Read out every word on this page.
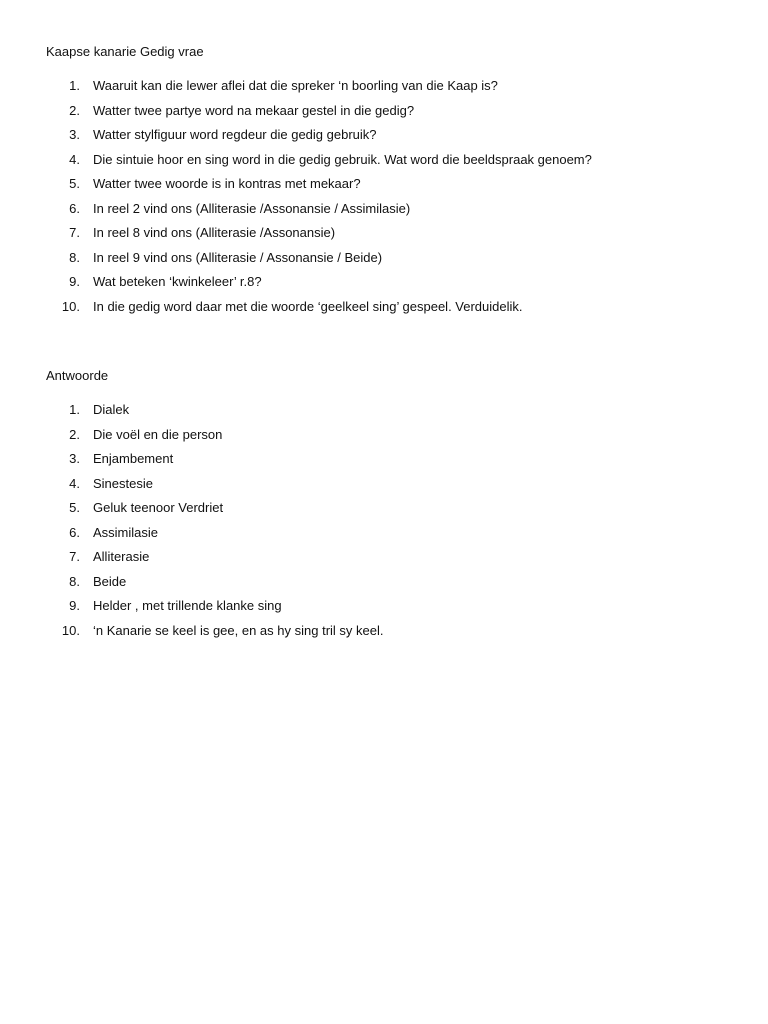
Kaapse kanarie Gedig vrae
1. Waaruit kan die lewer aflei dat die spreker ‘n boorling van die Kaap is?
2. Watter twee partye word na mekaar gestel in die gedig?
3. Watter stylfiguur word regdeur die gedig gebruik?
4. Die sintuie hoor en sing word in die gedig gebruik. Wat word die beeldspraak genoem?
5. Watter twee woorde is in kontras met mekaar?
6. In reel 2 vind ons (Alliterasie /Assonansie / Assimilasie)
7. In reel 8 vind ons (Alliterasie /Assonansie)
8. In reel 9 vind ons (Alliterasie / Assonansie / Beide)
9. Wat beteken ‘kwinkeleer’ r.8?
10. In die gedig word daar met die woorde ‘geelkeel sing’ gespeel. Verduidelik.
Antwoorde
1. Dialek
2. Die voël en die person
3. Enjambement
4. Sinestesie
5. Geluk teenoor Verdriet
6. Assimilasie
7. Alliterasie
8. Beide
9. Helder , met trillende klanke sing
10. ‘n Kanarie se keel is gee, en as hy sing tril sy keel.
